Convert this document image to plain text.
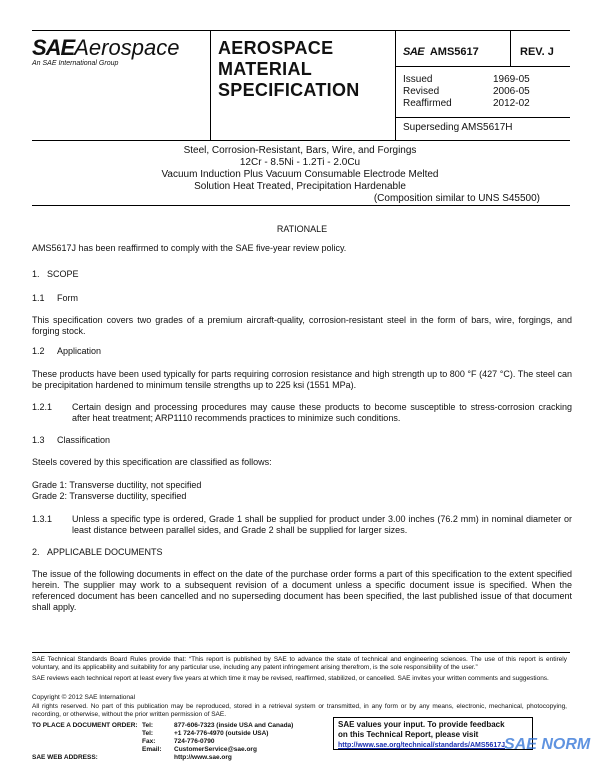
SAEAerospace
An SAE International Group
AEROSPACE
MATERIAL
SPECIFICATION
SAE AMS5617	REV. J
Issued	1969-05
Revised	2006-05
Reaffirmed	2012-02
Superseding AMS5617H
Steel, Corrosion-Resistant, Bars, Wire, and Forgings
12Cr - 8.5Ni - 1.2Ti - 2.0Cu
Vacuum Induction Plus Vacuum Consumable Electrode Melted
Solution Heat Treated, Precipitation Hardenable
(Composition similar to UNS S45500)
RATIONALE
AMS5617J has been reaffirmed to comply with the SAE five-year review policy.
1. SCOPE
1.1 Form
This specification covers two grades of a premium aircraft-quality, corrosion-resistant steel in the form of bars, wire, forgings, and forging stock.
1.2 Application
These products have been used typically for parts requiring corrosion resistance and high strength up to 800 °F (427 °C). The steel can be precipitation hardened to minimum tensile strengths up to 225 ksi (1551 MPa).
1.2.1 Certain design and processing procedures may cause these products to become susceptible to stress-corrosion cracking after heat treatment; ARP1110 recommends practices to minimize such conditions.
1.3 Classification
Steels covered by this specification are classified as follows:
Grade 1: Transverse ductility, not specified
Grade 2: Transverse ductility, specified
1.3.1 Unless a specific type is ordered, Grade 1 shall be supplied for product under 3.00 inches (76.2 mm) in nominal diameter or least distance between parallel sides, and Grade 2 shall be supplied for larger sizes.
2. APPLICABLE DOCUMENTS
The issue of the following documents in effect on the date of the purchase order forms a part of this specification to the extent specified herein. The supplier may work to a subsequent revision of a document unless a specific document issue is specified. When the referenced document has been cancelled and no superseding document has been specified, the last published issue of that document shall apply.
SAE Technical Standards Board Rules provide that: “This report is published by SAE to advance the state of technical and engineering sciences. The use of this report is entirely voluntary, and its applicability and suitability for any particular use, including any patent infringement arising therefrom, is the sole responsibility of the user.”
SAE reviews each technical report at least every five years at which time it may be revised, reaffirmed, stabilized, or cancelled. SAE invites your written comments and suggestions.
Copyright © 2012 SAE International
All rights reserved. No part of this publication may be reproduced, stored in a retrieval system or transmitted, in any form or by any means, electronic, mechanical, photocopying, recording, or otherwise, without the prior written permission of SAE.
TO PLACE A DOCUMENT ORDER: Tel:	877-606-7323 (inside USA and Canada)
Tel:	+1 724-776-4970 (outside USA)
Fax:	724-776-0790
Email: CustomerService@sae.org
SAE WEB ADDRESS:	http://www.sae.org
SAE values your input. To provide feedback
on this Technical Report, please visit
http://www.sae.org/technical/standards/AMS5617J
SAE NORM
